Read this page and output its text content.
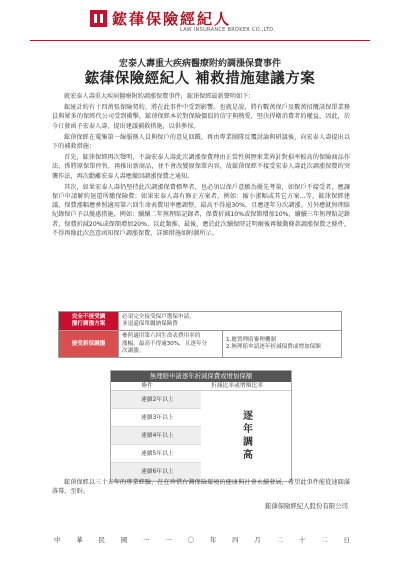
鋐葎保險經紀人
LAW INSURANCE BROKER CO.,LTD.
宏泰人壽重大疾病醫療附約調漲保費事件
鋐葎保險經紀人 補救措施建議方案

就宏泰人壽重大疾病醫療附約調漲保費事件，鋐葎保經最新聲明如下：

鋐統計約有十四萬張保險契約，將在此事件中受到影響。也就是說，將有數萬保戶及數萬招攬該保單業務員與眾多的保經代公司受到衝擊，鋐葎保經本於對保險價值的信守與熱愛，堅決捍衛消費者的權益，因此，於今日發函予宏泰人壽，提出建議補救措施，以供參採。

鋐葎保經在蒐集第一線服務人員與保戶的意見回饋，再由專業團隊反覆討論與研議後，向宏泰人壽提出以下的補救措施：

首先，鋐葎保經再次聲明，不論宏泰人壽此次調漲保費理由正當性與歷來業界針對損率較高的保險商品作法，係將原保單停售，再推出新商品，並不會改變原保單內容，故鋐葎保經不接受宏泰人壽此次調漲保費的突襲作法，再次勸離宏泰人壽應撤回調漲保費之通知。

其次，如果宏泰人壽仍堅持此次調漲保費標準者，也必須以保戶意願為優先考量，如保戶不接受者，應讓保戶申請解約退還所繳保險費；如果宏泰人壽有修正方案者，例如：縮小漲幅或其它方案...等，鋐葎保經建議，保費漲幅應參照適用第六回生命表費用率應調整，最高不得逾30%，且應逐年分次調漲。另外應就無理賠紀錄保戶予以優惠措施，例如：續續二年無理賠記錄者，保費折減10%或保額增加10%，續續三年無理賠記錄者，保費折減20%或保額增加20%，以此類推。最後，應於此次續保時註明爾後再做動條款調漲保費之條件，不得再像此次恣意函知保戶調漲保費，詳細措施如附圖所示。

完全不接受調
漲行調漲方案	必須完全接受保戶選保申請，
並退還保單繳納保險費	
接受新保調漲	參照適用第六回生命表費用率的
漲幅，最高不得逾30%，且逐年分
次調漲。	1.應置理賠審理機制
2.無理賠申請逐年折減保費或增加保額
無理賠申請逐年折減保費或增加保額
條件	折減比率或增額比率
連續2年以上
連續3年以上
連續4年以上
連續5年以上
連續6年以上
逐年調高

鋐葎保經以三十五年的專業經驗，在在珍惜台灣保險環境的健康與社會永續發展，希望此事件能從速圓滿落幕，至盼。

鋐葎保險經紀人股份有限公司
中 華 民 國 一 一 〇 年 四 月 二 十 二 日
